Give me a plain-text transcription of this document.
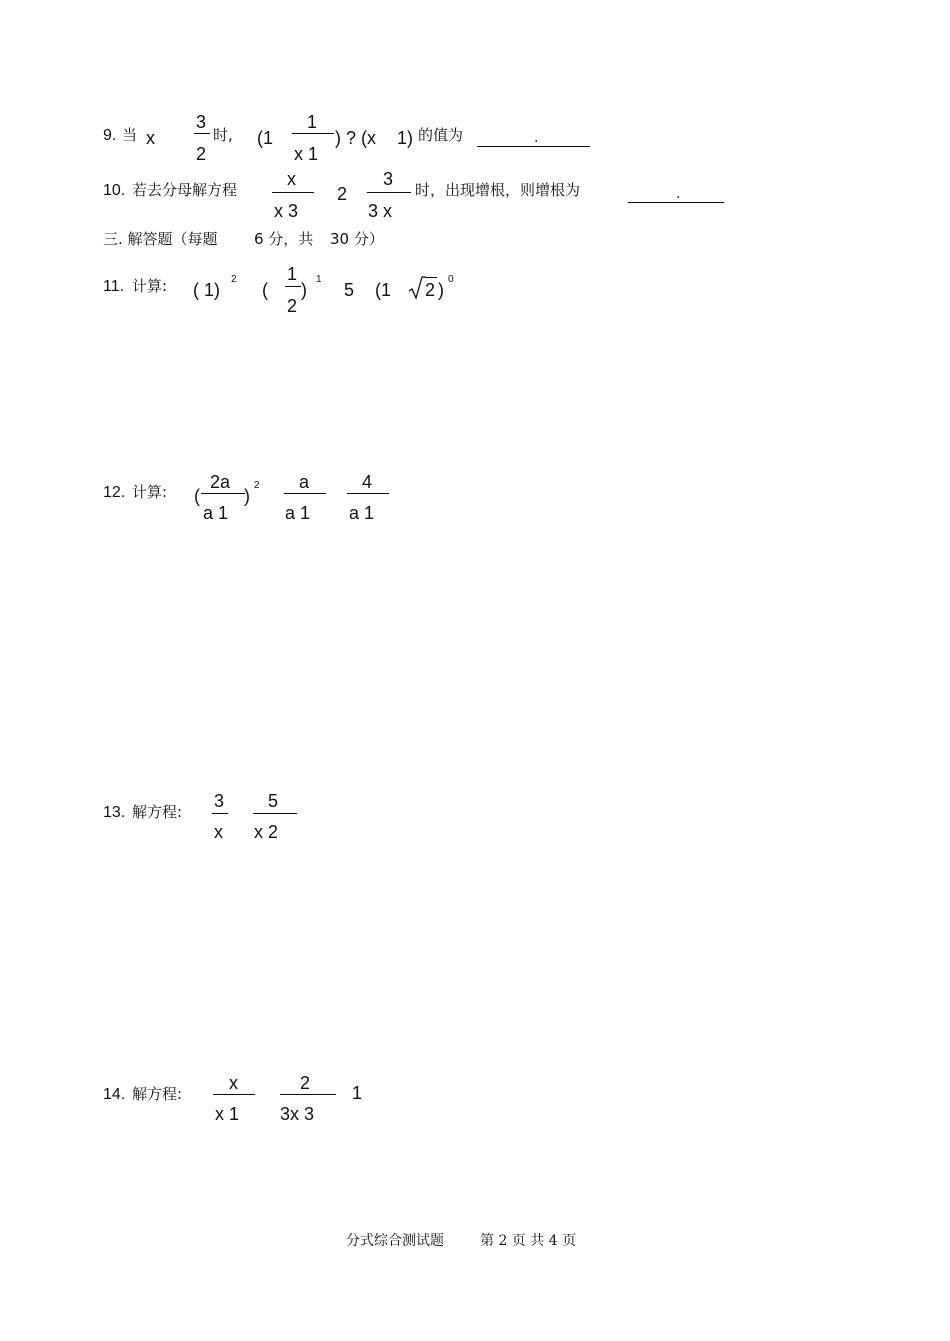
9. 当 x
3
2
时, (1
1
x 1
) ? (x 1) 的值为	.
10. 若去分母解方程
x
x 3
2
3
3 x
时，出现增根，则增根为	.
三. 解答题（每题 6 分，共 30 分）
11. 计算: ( 1)
2
(
1
2
)
1
5 (1 2 )
0
12. 计算: (
2a
a 1
)
2 a
a 1
4
a 1
13. 解方程:
3
x
5
x 2
14. 解方程:
x
x 1
2
3x 3
1
分式综合测试题	第 2 页 共 4 页
